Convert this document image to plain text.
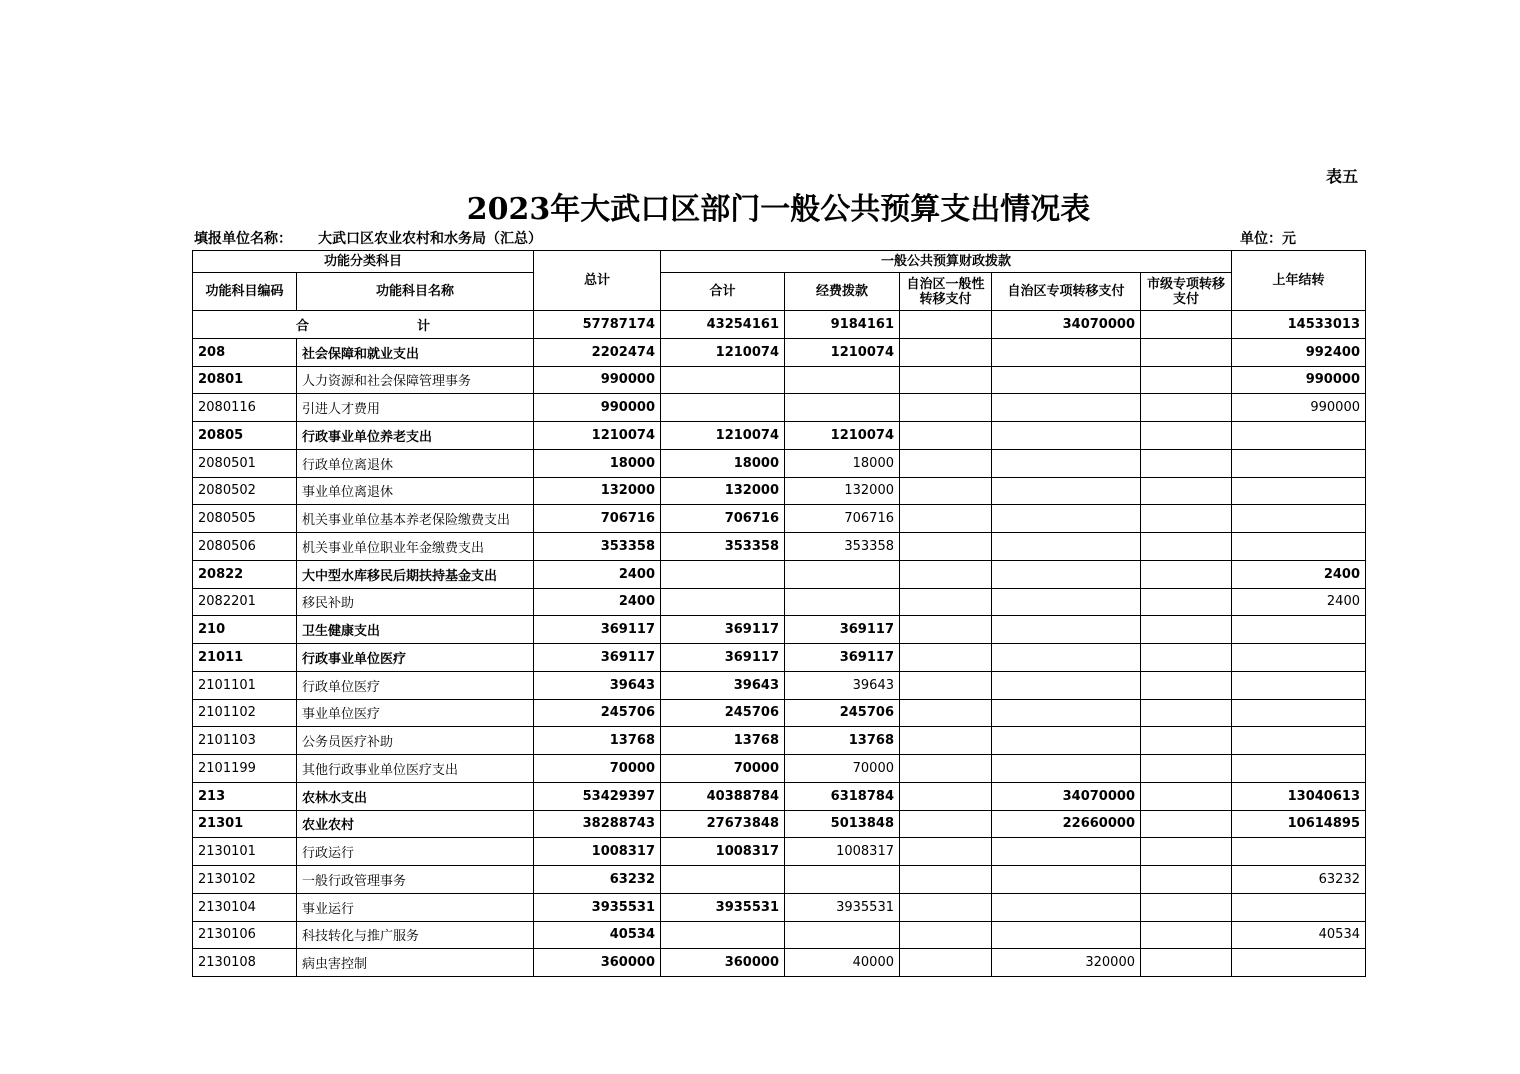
表五
2023年大武口区部门一般公共预算支出情况表
填报单位名称： 大武口区农业农村和水务局（汇总）	单位：元
功能分类科目		总计	一般公共预算财政拨款					上年结转
功能科目编码	功能科目名称		合计	经费拨款	自治区一般性转移支付	自治区专项转移支付	市级专项转移支付	
合 计		57787174	43254161	9184161		34070000		14533013
208	社会保障和就业支出	2202474	1210074	1210074				992400
20801	人力资源和社会保障管理事务	990000						990000
2080116	引进人才费用	990000						990000
20805	行政事业单位养老支出	1210074	1210074	1210074				
2080501	行政单位离退休	18000	18000	18000				
2080502	事业单位离退休	132000	132000	132000				
2080505	机关事业单位基本养老保险缴费支出	706716	706716	706716				
2080506	机关事业单位职业年金缴费支出	353358	353358	353358				
20822	大中型水库移民后期扶持基金支出	2400						2400
2082201	移民补助	2400						2400
210	卫生健康支出	369117	369117	369117				
21011	行政事业单位医疗	369117	369117	369117				
2101101	行政单位医疗	39643	39643	39643				
2101102	事业单位医疗	245706	245706	245706				
2101103	公务员医疗补助	13768	13768	13768				
2101199	其他行政事业单位医疗支出	70000	70000	70000				
213	农林水支出	53429397	40388784	6318784		34070000		13040613
21301	农业农村	38288743	27673848	5013848		22660000		10614895
2130101	行政运行	1008317	1008317	1008317				
2130102	一般行政管理事务	63232						63232
2130104	事业运行	3935531	3935531	3935531				
2130106	科技转化与推广服务	40534						40534
2130108	病虫害控制	360000	360000	40000		320000		
